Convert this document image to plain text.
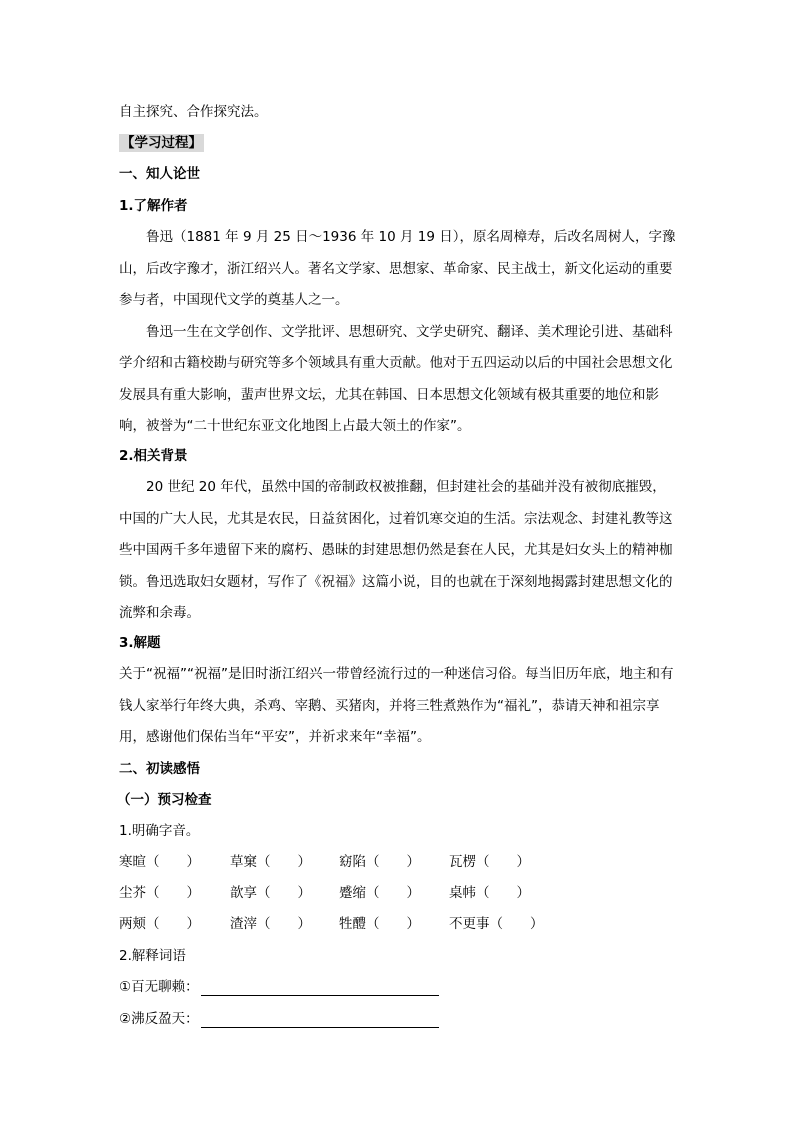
自主探究、合作探究法。
【学习过程】
一、知人论世
1.了解作者

鲁迅（1881 年 9 月 25 日～1936 年 10 月 19 日），原名周樟寿，后改名周树人，字豫山，后改字豫才，浙江绍兴人。著名文学家、思想家、革命家、民主战士，新文化运动的重要参与者，中国现代文学的奠基人之一。

鲁迅一生在文学创作、文学批评、思想研究、文学史研究、翻译、美术理论引进、基础科学介绍和古籍校勘与研究等多个领域具有重大贡献。他对于五四运动以后的中国社会思想文化发展具有重大影响，蜚声世界文坛，尤其在韩国、日本思想文化领域有极其重要的地位和影响，被誉为“二十世纪东亚文化地图上占最大领土的作家”。

2.相关背景

20 世纪 20 年代，虽然中国的帝制政权被推翻，但封建社会的基础并没有被彻底摧毁，中国的广大人民，尤其是农民，日益贫困化，过着饥寒交迫的生活。宗法观念、封建礼教等这些中国两千多年遗留下来的腐朽、愚昧的封建思想仍然是套在人民，尤其是妇女头上的精神枷锁。鲁迅选取妇女题材，写作了《祝福》这篇小说，目的也就在于深刻地揭露封建思想文化的流弊和余毒。

3.解题

关于“祝福”“祝福”是旧时浙江绍兴一带曾经流行过的一种迷信习俗。每当旧历年底，地主和有钱人家举行年终大典，杀鸡、宰鹅、买猪肉，并将三牲煮熟作为“福礼”，恭请天神和祖宗享用，感谢他们保佑当年“平安”，并祈求来年“幸福”。

二、初读感悟
（一）预习检查
1.明确字音。
寒暄（　　） 草窠（　　） 窈陷（　　） 瓦楞（　　）
尘芥（　　） 歆享（　　） 蹙缩（　　） 桌帏（　　）
两颊（　　） 渣滓（　　） 牲醴（　　） 不更事（　　）
2.解释词语
①百无聊赖：
②沸反盈天：
